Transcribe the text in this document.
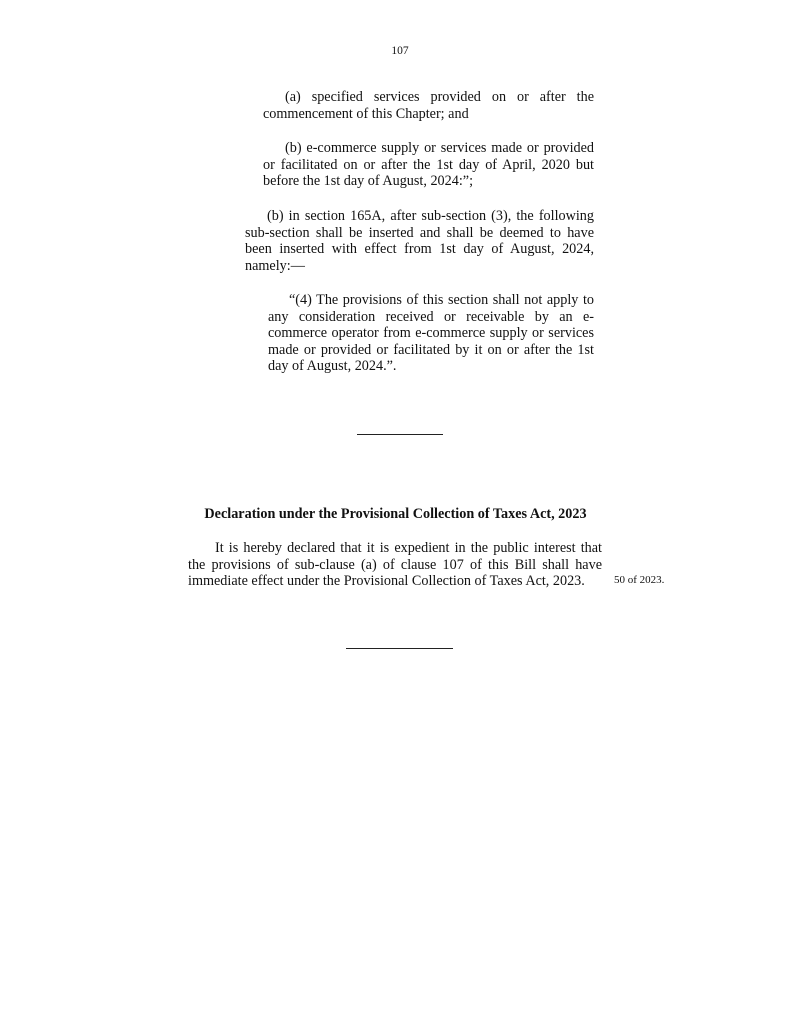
107
(a) specified services provided on or after the commencement of this Chapter; and
(b) e-commerce supply or services made or provided or facilitated on or after the 1st day of April, 2020 but before the 1st day of August, 2024:”;
(b) in section 165A, after sub-section (3), the following sub-section shall be inserted and shall be deemed to have been inserted with effect from 1st day of August, 2024, namely:—
“(4) The provisions of this section shall not apply to any consideration received or receivable by an e-commerce operator from e-commerce supply or services made or provided or facilitated by it on or after the 1st day of August, 2024.”.
Declaration under the Provisional Collection of Taxes Act, 2023
It is hereby declared that it is expedient in the public interest that the provisions of sub-clause (a) of clause 107 of this Bill shall have immediate effect under the Provisional Collection of Taxes Act, 2023.	50 of 2023.
